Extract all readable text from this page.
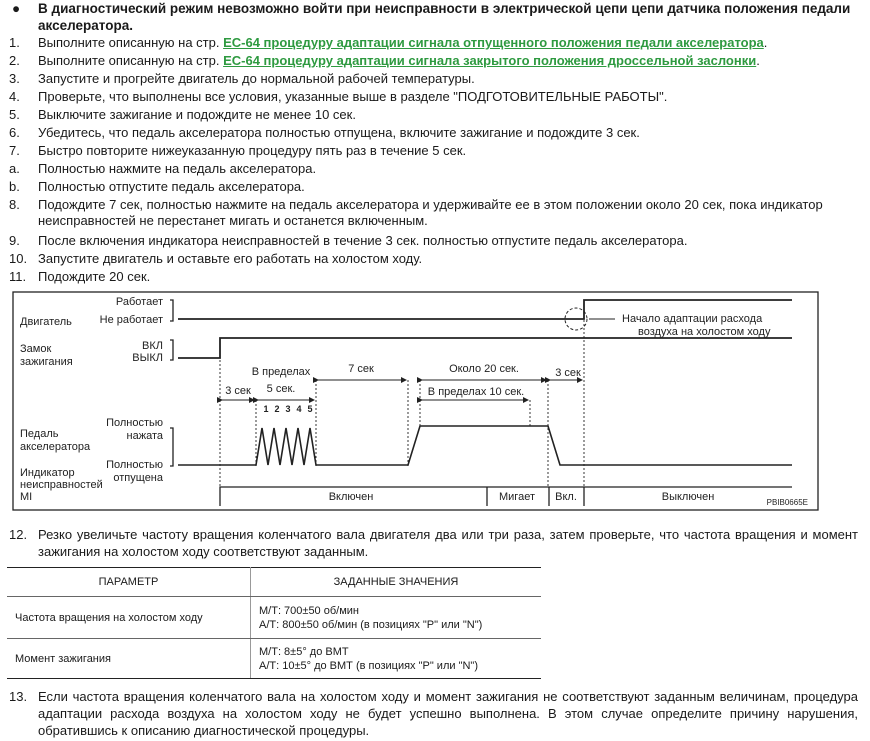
● В диагностический режим невозможно войти при неисправности в электрической цепи цепи датчика положения педали акселератора.
1. Выполните описанную на стр. EC-64 процедуру адаптации сигнала отпущенного положения педали акселератора.
2. Выполните описанную на стр. EC-64 процедуру адаптации сигнала закрытого положения дроссельной заслонки.
3. Запустите и прогрейте двигатель до нормальной рабочей температуры.
4. Проверьте, что выполнены все условия, указанные выше в разделе "ПОДГОТОВИТЕЛЬНЫЕ РАБОТЫ".
5. Выключите зажигание и подождите не менее 10 сек.
6. Убедитесь, что педаль акселератора полностью отпущена, включите зажигание и подождите 3 сек.
7. Быстро повторите нижеуказанную процедуру пять раз в течение 5 сек.
a. Полностью нажмите на педаль акселератора.
b. Полностью отпустите педаль акселератора.
8. Подождите 7 сек, полностью нажмите на педаль акселератора и удерживайте ее в этом положении около 20 сек, пока индикатор неисправностей не перестанет мигать и останется включенным.
9. После включения индикатора неисправностей в течение 3 сек. полностью отпустите педаль акселератора.
10. Запустите двигатель и оставьте его работать на холостом ходу.
11. Подождите 20 сек.
Двигатель
Работает
Не работает
Замок
зажигания
ВКЛ
ВЫКЛ
Педаль
акселератора
Полностью
нажата
Полностью
отпущена
Индикатор
неисправностей
MI
Начало адаптации расхода
воздуха на холостом ходу
3 сек
В пределах
5 сек.
7 сек	Около 20 сек.
В пределах 10 сек.
3 сек
Включен	Мигает Вкл.	Выключен	PBIB0665E
1 2 3 4 5
12. Резко увеличьте частоту вращения коленчатого вала двигателя два или три раза, затем проверьте, что частота вращения и момент зажигания на холостом ходу соответствуют заданным.
ПАРАМЕТР	ЗАДАННЫЕ ЗНАЧЕНИЯ
Частота вращения на холостом ходу	М/Т: 700±50 об/мин
А/Т: 800±50 об/мин (в позициях "P" или "N")

Момент зажигания	М/Т: 8±5° до ВМТ
А/Т: 10±5° до ВМТ (в позициях "P" или "N")
13. Если частота вращения коленчатого вала на холостом ходу и момент зажигания не соответствуют заданным величинам, процедура адаптации расхода воздуха на холостом ходу не будет успешно выполнена. В этом случае определите причину нарушения, обратившись к описанию диагностической процедуры.
